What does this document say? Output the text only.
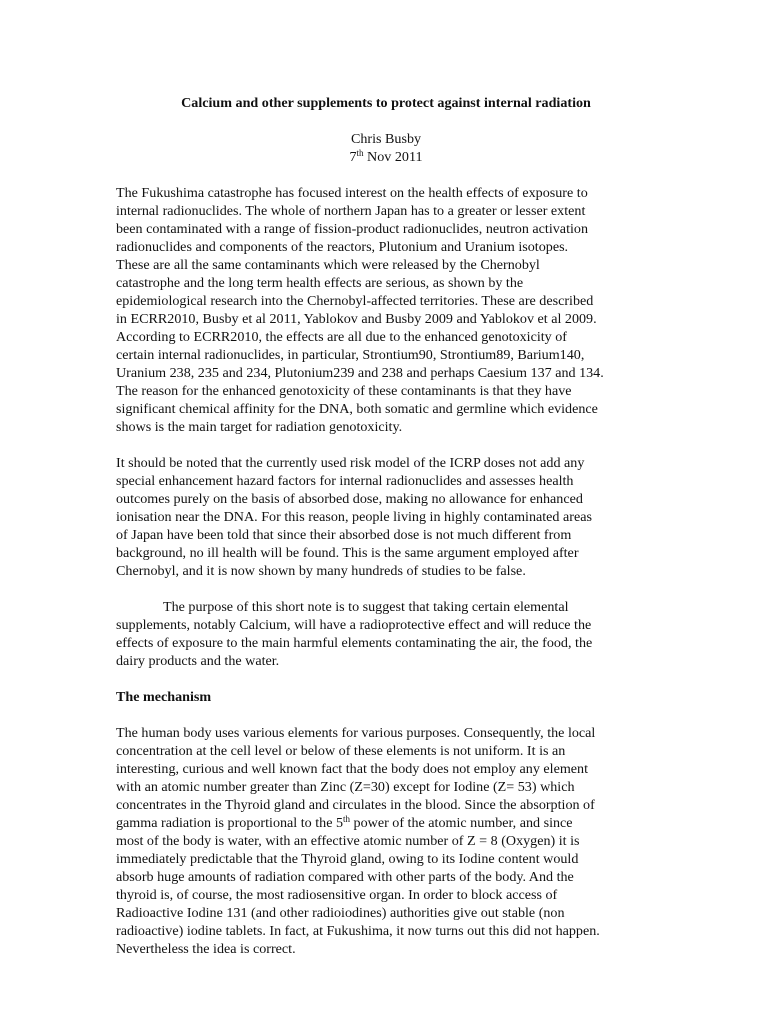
Calcium and other supplements to protect against internal radiation
Chris Busby
7th Nov 2011
The Fukushima catastrophe has focused interest on the health effects of exposure to
internal radionuclides. The whole of northern Japan has to a greater or lesser extent
been contaminated with a range of fission-product radionuclides, neutron activation
radionuclides and components of the reactors, Plutonium and Uranium isotopes.
These are all the same contaminants which were released by the Chernobyl
catastrophe and the long term health effects are serious, as shown by the
epidemiological research into the Chernobyl-affected territories. These are described
in ECRR2010, Busby et al 2011, Yablokov and Busby 2009 and Yablokov et al 2009.
According to ECRR2010, the effects are all due to the enhanced genotoxicity of
certain internal radionuclides, in particular, Strontium90, Strontium89, Barium140,
Uranium 238, 235 and 234, Plutonium239 and 238 and perhaps Caesium 137 and 134.
The reason for the enhanced genotoxicity of these contaminants is that they have
significant chemical affinity for the DNA, both somatic and germline which evidence
shows is the main target for radiation genotoxicity.
It should be noted that the currently used risk model of the ICRP doses not add any
special enhancement hazard factors for internal radionuclides and assesses health
outcomes purely on the basis of absorbed dose, making no allowance for enhanced
ionisation near the DNA. For this reason, people living in highly contaminated areas
of Japan have been told that since their absorbed dose is not much different from
background, no ill health will be found. This is the same argument employed after
Chernobyl, and it is now shown by many hundreds of studies to be false.
The purpose of this short note is to suggest that taking certain elemental
supplements, notably Calcium, will have a radioprotective effect and will reduce the
effects of exposure to the main harmful elements contaminating the air, the food, the
dairy products and the water.
The mechanism
The human body uses various elements for various purposes. Consequently, the local
concentration at the cell level or below of these elements is not uniform. It is an
interesting, curious and well known fact that the body does not employ any element
with an atomic number greater than Zinc (Z=30) except for Iodine (Z= 53) which
concentrates in the Thyroid gland and circulates in the blood. Since the absorption of
gamma radiation is proportional to the 5th power of the atomic number, and since
most of the body is water, with an effective atomic number of Z = 8 (Oxygen) it is
immediately predictable that the Thyroid gland, owing to its Iodine content would
absorb huge amounts of radiation compared with other parts of the body. And the
thyroid is, of course, the most radiosensitive organ. In order to block access of
Radioactive Iodine 131 (and other radioiodines) authorities give out stable (non
radioactive) iodine tablets. In fact, at Fukushima, it now turns out this did not happen.
Nevertheless the idea is correct.
